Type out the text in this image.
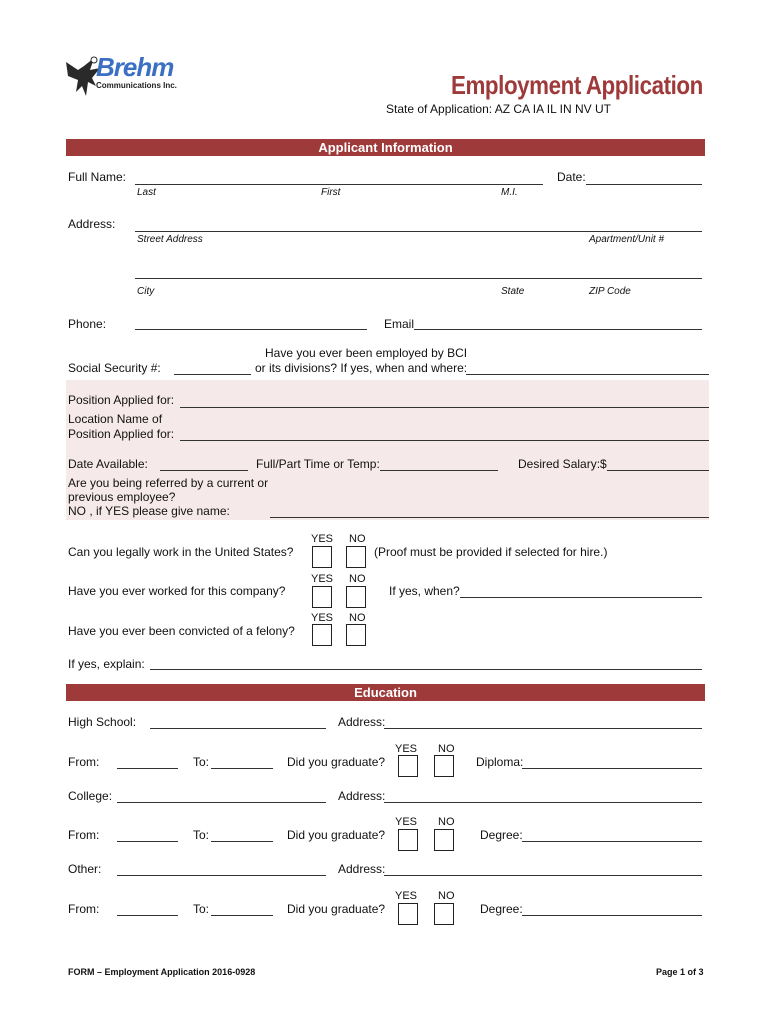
Brehm
Communications Inc.	Employment Application
State of Application: AZ CA IA IL IN NV UT
Applicant Information
Full Name:	Date:
Last	First	M.I.
Address:
Street Address	Apartment/Unit #
City	State	ZIP Code
Phone:	Email
Have you ever been employed by BCI
Social Security #:	or its divisions? If yes, when and where:
Position Applied for:
Location Name of
Position Applied for:
Date Available:	Full/Part Time or Temp:	Desired Salary:$
Are you being referred by a current or
previous employee?
NO , if YES please give name:
YES NO
Can you legally work in the United States?	(Proof must be provided if selected for hire.)
YES NO
Have you ever worked for this company?	If yes, when?
YES NO
Have you ever been convicted of a felony?
If yes, explain:
Education
High School:	Address:
YES NO
From:	To:	Did you graduate?	Diploma:
College:	Address:
YES NO
From:	To:	Did you graduate?	Degree:
Other:	Address:
YES NO
From:	To:	Did you graduate?	Degree:
FORM – Employment Application 2016-0928	Page 1 of 3
